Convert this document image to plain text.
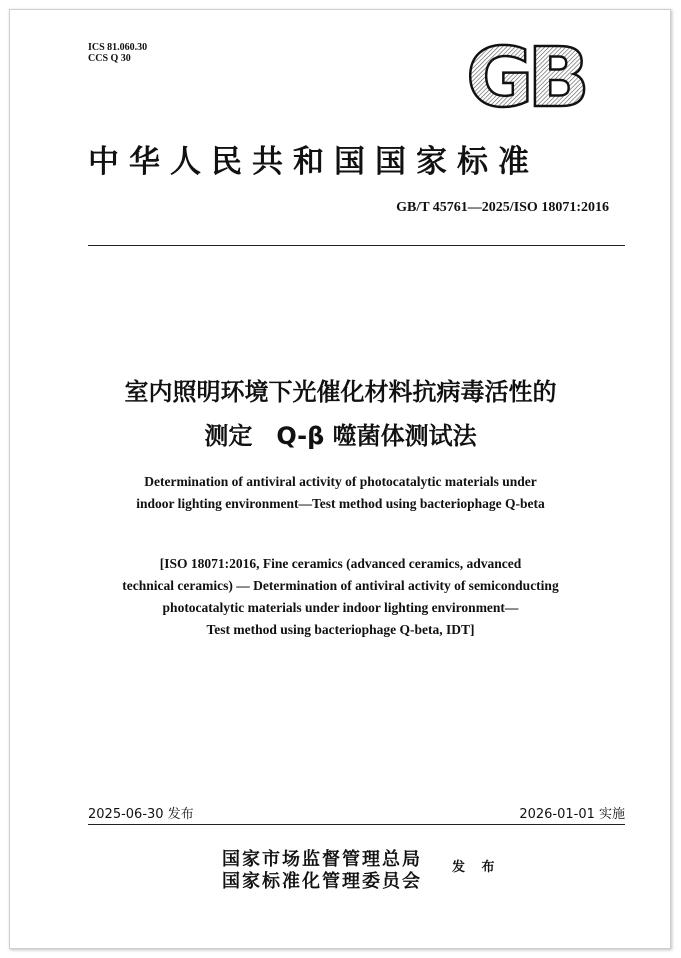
ICS 81.060.30
CCS Q 30	GB
中华人民共和国国家标准
GB/T 45761—2025/ISO 18071:2016
室内照明环境下光催化材料抗病毒活性的
测定　Q-β 噬菌体测试法
Determination of antiviral activity of photocatalytic materials under
indoor lighting environment—Test method using bacteriophage Q-beta
[ISO 18071:2016, Fine ceramics (advanced ceramics, advanced
technical ceramics) — Determination of antiviral activity of semiconducting
photocatalytic materials under indoor lighting environment—
Test method using bacteriophage Q-beta, IDT]
2025-06-30 发布	2026-01-01 实施
国家市场监督管理总局
国家标准化管理委员会
发 布
